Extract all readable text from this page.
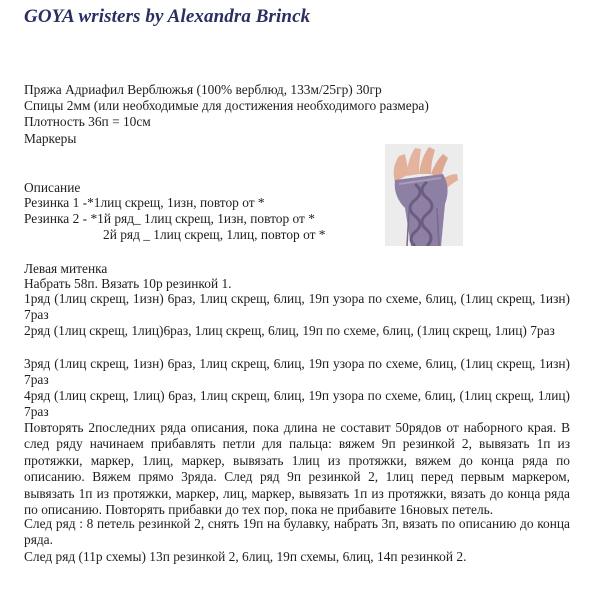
GOYA wristers by Alexandra Brinck
Пряжа Адриафил Верблюжья (100% верблюд, 133м/25гр) 30гр
Спицы 2мм (или необходимые для достижения необходимого размера)
Плотность 36п = 10см
Маркеры
Описание
Резинка 1 -*1лиц скрещ, 1изн, повтор от *
Резинка 2 - *1й ряд_ 1лиц скрещ, 1изн, повтор от *
2й ряд _ 1лиц скрещ, 1лиц, повтор от *
Левая митенка
Набрать 58п. Вязать 10р резинкой 1.
1ряд (1лиц скрещ, 1изн) 6раз, 1лиц скрещ, 6лиц, 19п узора по схеме, 6лиц, (1лиц скрещ, 1изн) 7раз
2ряд (1лиц скрещ, 1лиц)6раз, 1лиц скрещ, 6лиц, 19п по схеме, 6лиц, (1лиц скрещ, 1лиц) 7раз
3ряд (1лиц скрещ, 1изн) 6раз, 1лиц скрещ, 6лиц, 19п узора по схеме, 6лиц, (1лиц скрещ, 1изн) 7раз
4ряд (1лиц скрещ, 1лиц) 6раз, 1лиц скрещ, 6лиц, 19п узора по схеме, 6лиц, (1лиц скрещ, 1лиц) 7раз
Повторять 2последних ряда описания, пока длина не составит 50рядов от наборного края. В след ряду начинаем прибавлять петли для пальца: вяжем 9п резинкой 2, вывязать 1п из протяжки, маркер, 1лиц, маркер, вывязать 1лиц из протяжки, вяжем до конца ряда по описанию. Вяжем прямо 3ряда. След ряд 9п резинкой 2, 1лиц перед первым маркером, вывязать 1п из протяжки, маркер, лиц, маркер, вывязать 1п из протяжки, вязать до конца ряда по описанию. Повторять прибавки до тех пор, пока не прибавите 16новых петель.
След ряд : 8 петель резинкой 2, снять 19п на булавку, набрать 3п, вязать по описанию до конца ряда.
След ряд (11р схемы) 13п резинкой 2, 6лиц, 19п схемы, 6лиц, 14п резинкой 2.
